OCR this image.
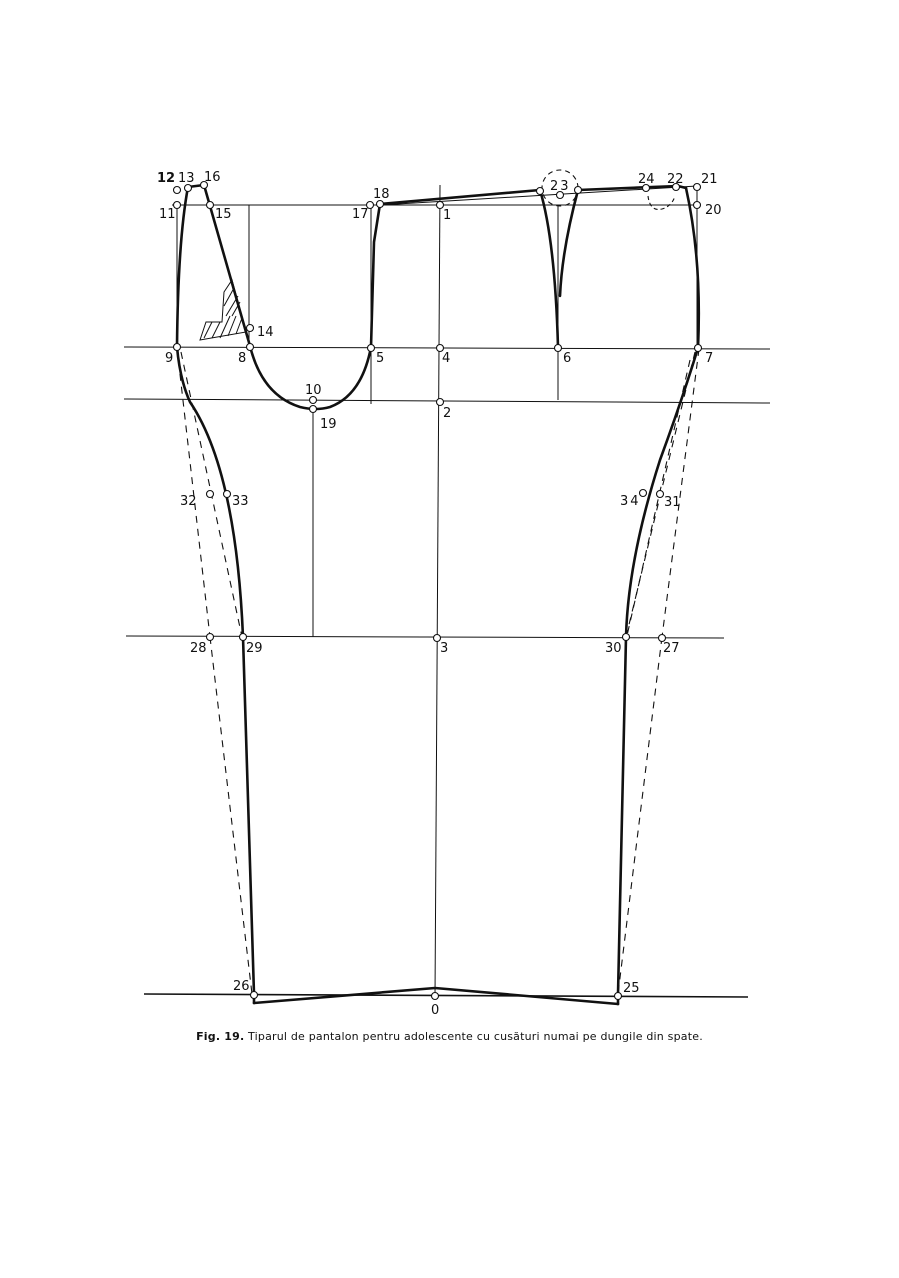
12 13 16
11	15	17
18
1
23	24 22 21
20
14
9	8	5	4	6	7
10
19
2
32	33	34 31
28	29	3	30	27
26	25
0
Fig. 19. Tiparul de pantalon pentru adolescente cu cusături numai pe dungile din spate.
